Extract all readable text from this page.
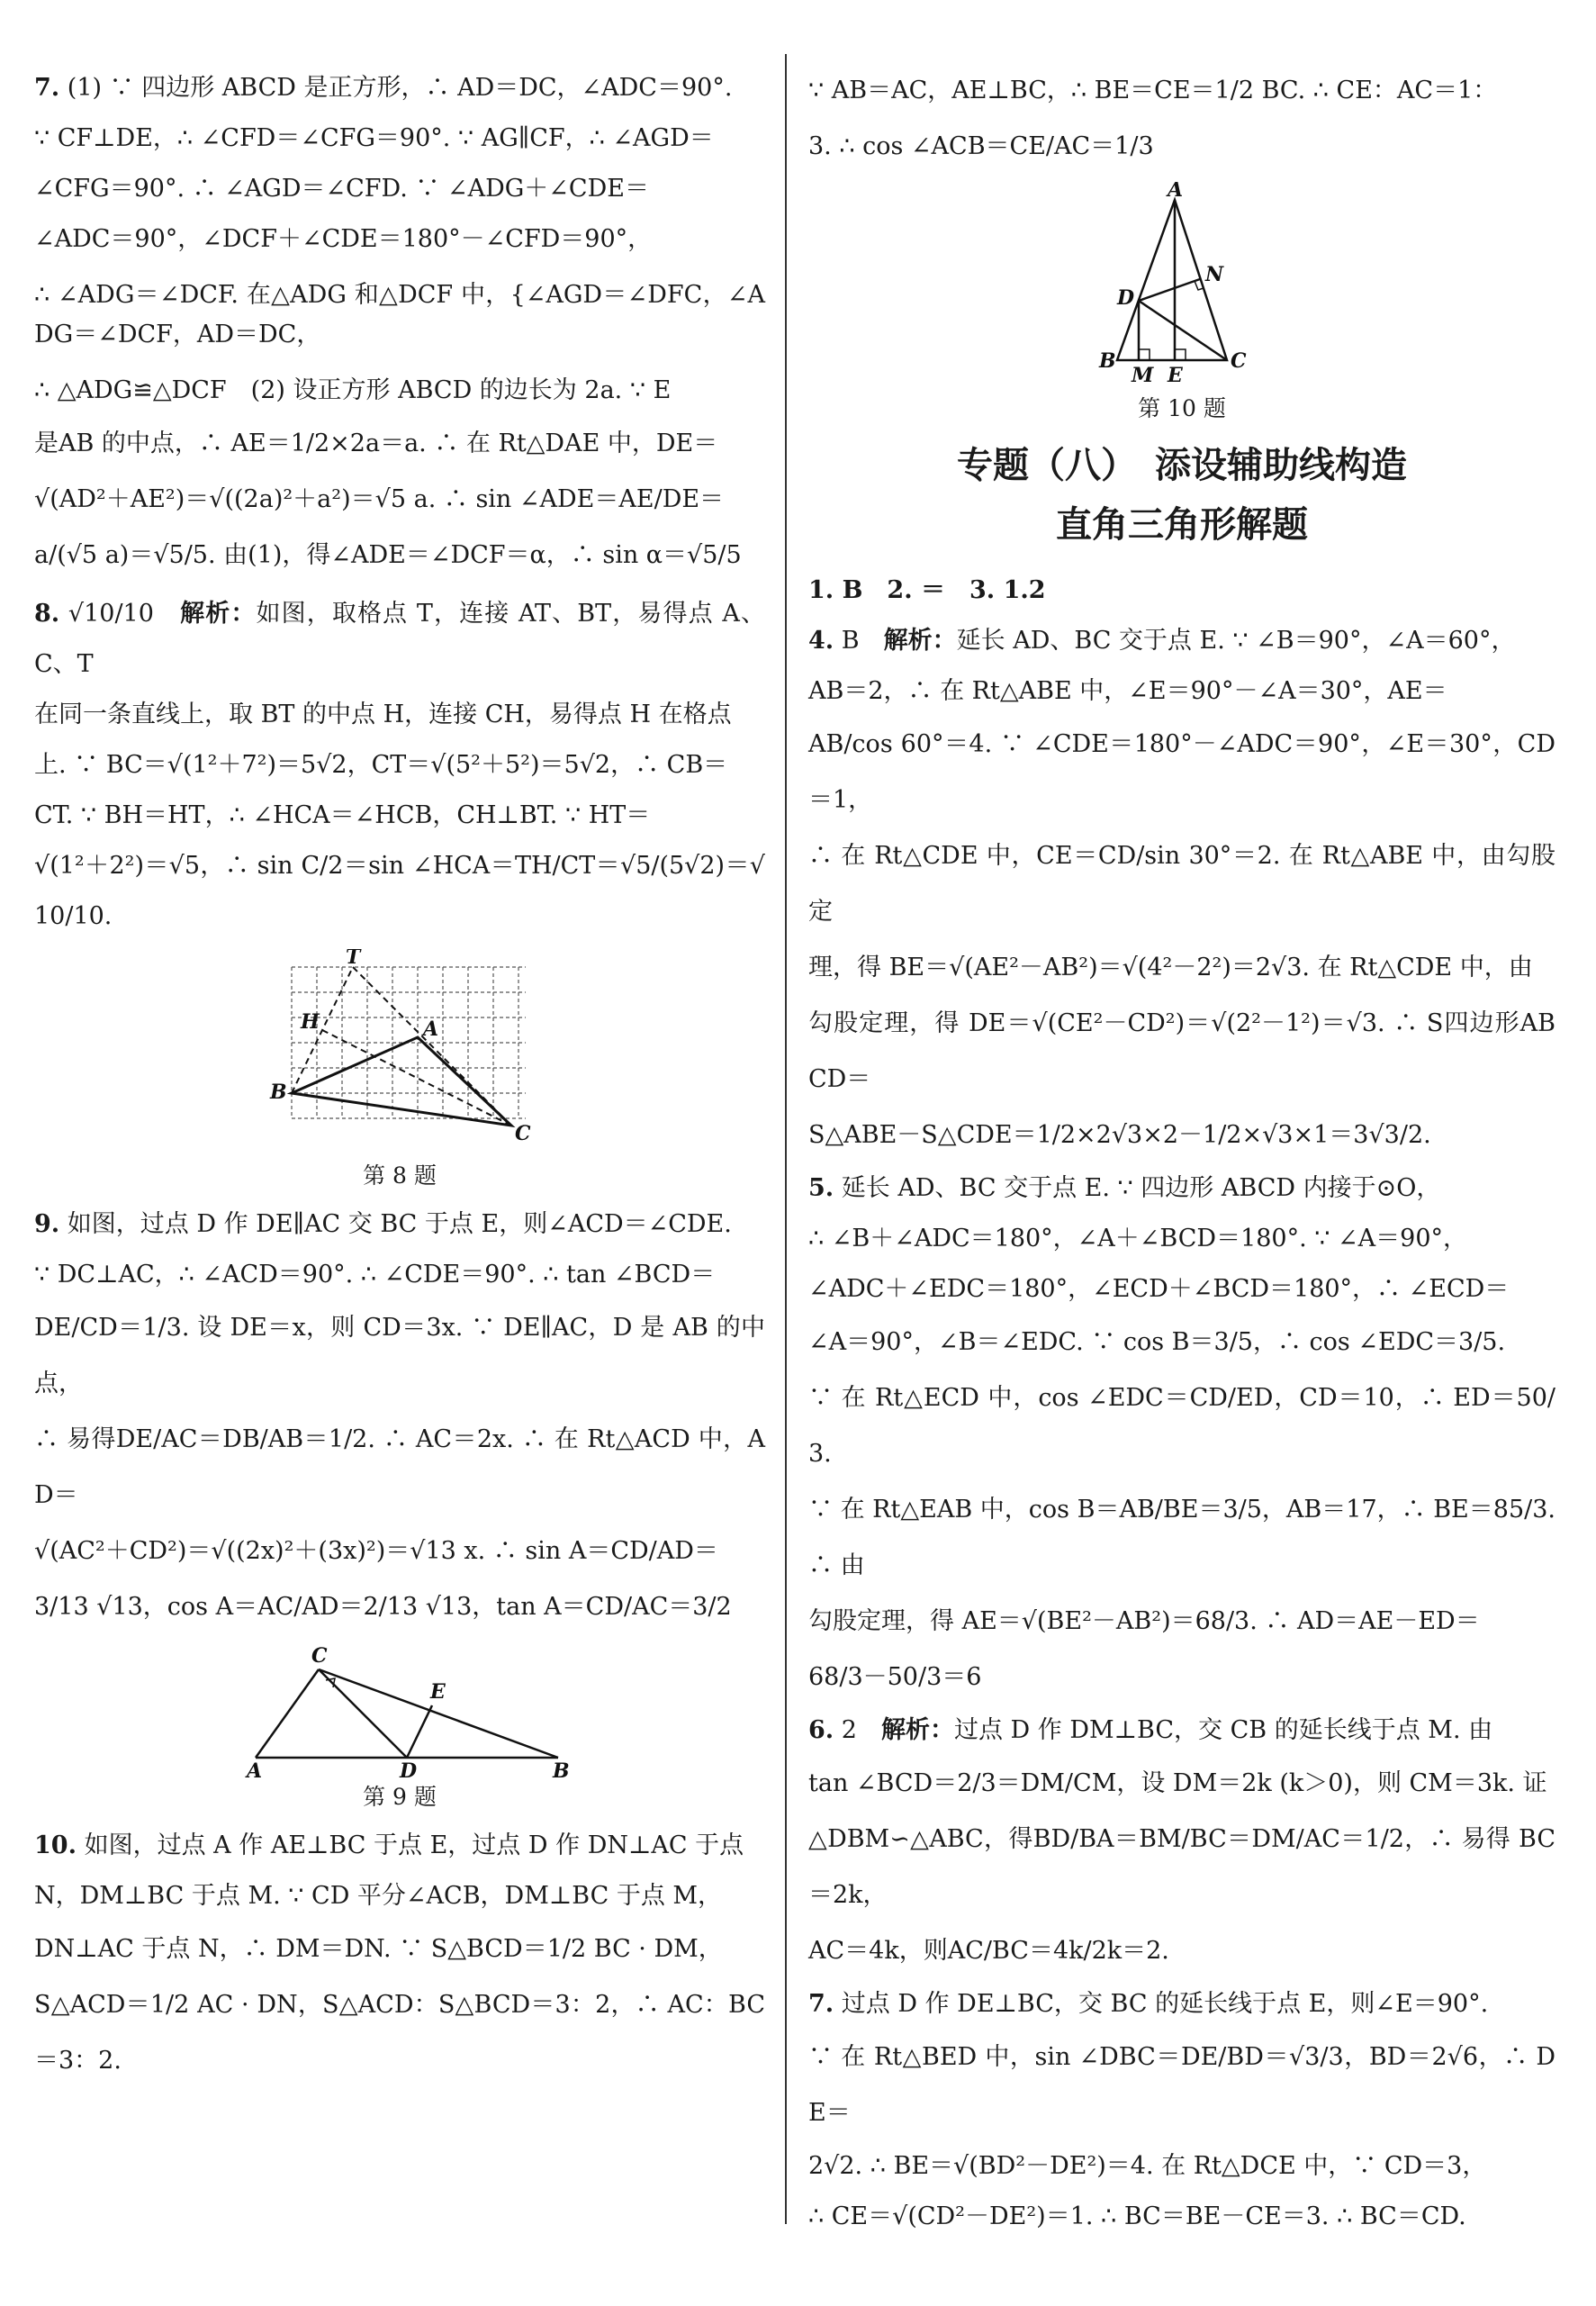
7. (1) ∵ 四边形 ABCD 是正方形，∴ AD＝DC，∠ADC＝90°.

∵ CF⊥DE，∴ ∠CFD＝∠CFG＝90°. ∵ AG∥CF，∴ ∠AGD＝

∠CFG＝90°. ∴ ∠AGD＝∠CFD. ∵ ∠ADG＋∠CDE＝

∠ADC＝90°，∠DCF＋∠CDE＝180°－∠CFD＝90°，

∴ ∠ADG＝∠DCF. 在△ADG 和△DCF 中，{∠AGD＝∠DFC，∠ADG＝∠DCF，AD＝DC，

∴ △ADG≌△DCF　(2) 设正方形 ABCD 的边长为 2a. ∵ E

是AB 的中点，∴ AE＝1/2×2a＝a. ∴ 在 Rt△DAE 中，DE＝

√(AD²＋AE²)＝√((2a)²＋a²)＝√5 a. ∴ sin ∠ADE＝AE/DE＝

a/(√5 a)＝√5/5. 由(1)，得∠ADE＝∠DCF＝α，∴ sin α＝√5/5

8. √10/10　 解析：如图，取格点 T，连接 AT、BT，易得点 A、C、T

在同一条直线上，取 BT 的中点 H，连接 CH，易得点 H 在格点

上. ∵ BC＝√(1²＋7²)＝5√2，CT＝√(5²＋5²)＝5√2，∴ CB＝

CT. ∵ BH＝HT，∴ ∠HCA＝∠HCB，CH⊥BT. ∵ HT＝

√(1²＋2²)＝√5，∴ sin C/2＝sin ∠HCA＝TH/CT＝√5/(5√2)＝√10/10.

T
A
H
B
C
第 8 题

9. 如图，过点 D 作 DE∥AC 交 BC 于点 E，则∠ACD＝∠CDE.

∵ DC⊥AC，∴ ∠ACD＝90°. ∴ ∠CDE＝90°. ∴ tan ∠BCD＝

DE/CD＝1/3. 设 DE＝x，则 CD＝3x. ∵ DE∥AC，D 是 AB 的中点，

∴ 易得DE/AC＝DB/AB＝1/2. ∴ AC＝2x. ∴ 在 Rt△ACD 中，AD＝

√(AC²＋CD²)＝√((2x)²＋(3x)²)＝√13 x. ∴ sin A＝CD/AD＝

3/13 √13，cos A＝AC/AD＝2/13 √13，tan A＝CD/AC＝3/2

C
E
A	D	B
第 9 题

10. 如图，过点 A 作 AE⊥BC 于点 E，过点 D 作 DN⊥AC 于点

N，DM⊥BC 于点 M. ∵ CD 平分∠ACB，DM⊥BC 于点 M，

DN⊥AC 于点 N，∴ DM＝DN. ∵ S△BCD＝1/2 BC · DM，

S△ACD＝1/2 AC · DN，S△ACD：S△BCD＝3：2，∴ AC：BC＝3：2.

∵ AB＝AC，AE⊥BC，∴ BE＝CE＝1/2 BC. ∴ CE：AC＝1：

3. ∴ cos ∠ACB＝CE/AC＝1/3

A
N
D
B
M E
C
第 10 题
专题（八）　添设辅助线构造
直角三角形解题

1. B　2. ＝　3. 1.2

4. B　 解析：延长 AD、BC 交于点 E. ∵ ∠B＝90°，∠A＝60°，

AB＝2，∴ 在 Rt△ABE 中，∠E＝90°－∠A＝30°，AE＝

AB/cos 60°＝4. ∵ ∠CDE＝180°－∠ADC＝90°，∠E＝30°，CD＝1，

∴ 在 Rt△CDE 中，CE＝CD/sin 30°＝2. 在 Rt△ABE 中，由勾股定

理，得 BE＝√(AE²－AB²)＝√(4²－2²)＝2√3. 在 Rt△CDE 中，由

勾股定理，得 DE＝√(CE²－CD²)＝√(2²－1²)＝√3. ∴ S四边形ABCD＝

S△ABE－S△CDE＝1/2×2√3×2－1/2×√3×1＝3√3/2.

5. 延长 AD、BC 交于点 E. ∵ 四边形 ABCD 内接于⊙O，

∴ ∠B＋∠ADC＝180°，∠A＋∠BCD＝180°. ∵ ∠A＝90°，

∠ADC＋∠EDC＝180°，∠ECD＋∠BCD＝180°，∴ ∠ECD＝

∠A＝90°，∠B＝∠EDC. ∵ cos B＝3/5，∴ cos ∠EDC＝3/5.

∵ 在 Rt△ECD 中，cos ∠EDC＝CD/ED，CD＝10，∴ ED＝50/3.

∵ 在 Rt△EAB 中，cos B＝AB/BE＝3/5，AB＝17，∴ BE＝85/3. ∴ 由

勾股定理，得 AE＝√(BE²－AB²)＝68/3. ∴ AD＝AE－ED＝

68/3－50/3＝6

6. 2　 解析：过点 D 作 DM⊥BC，交 CB 的延长线于点 M. 由

tan ∠BCD＝2/3＝DM/CM，设 DM＝2k (k＞0)，则 CM＝3k. 证

△DBM∽△ABC，得BD/BA＝BM/BC＝DM/AC＝1/2，∴ 易得 BC＝2k，

AC＝4k，则AC/BC＝4k/2k＝2.

7. 过点 D 作 DE⊥BC，交 BC 的延长线于点 E，则∠E＝90°.

∵ 在 Rt△BED 中，sin ∠DBC＝DE/BD＝√3/3，BD＝2√6，∴ DE＝

2√2. ∴ BE＝√(BD²－DE²)＝4. 在 Rt△DCE 中，∵ CD＝3，

∴ CE＝√(CD²－DE²)＝1. ∴ BC＝BE－CE＝3. ∴ BC＝CD.
